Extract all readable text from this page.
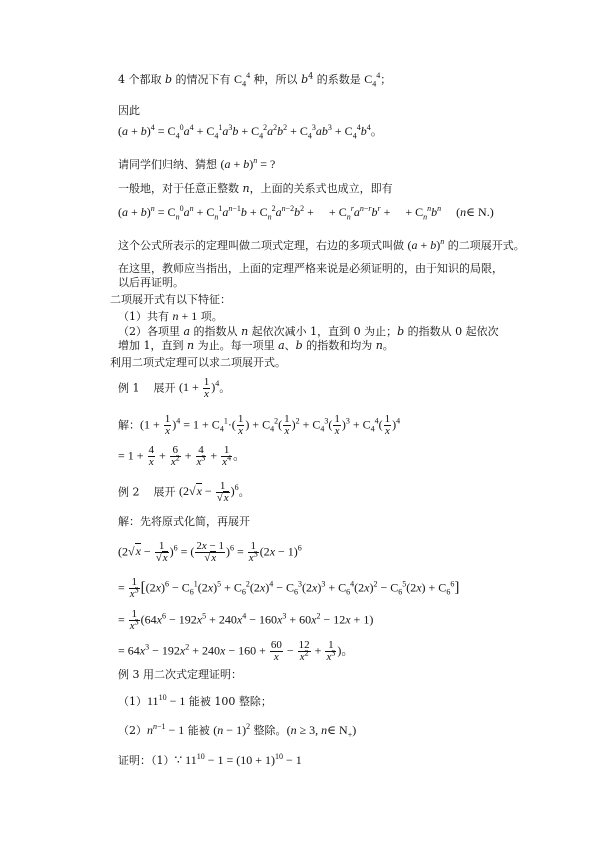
4 个都取 b 的情况下有 $C_4^4$ 种，所以 $b^4$ 的系数是 $C_4^4$；
因此
$(a + b)^4 = C_4^0a^4 + C_4^1a^3b + C_4^2a^2b^2 + C_4^3ab^3 + C_4^4b^4$。
请同学们归纳、猜想 $(a + b)^n$ = ?
一般地，对于任意正整数 n，上面的关系式也成立，即有
$(a + b)^n = C_n^0a^n + C_n^1a^{n-1}b + C_n^2a^{n-2}b^2$ +     + $C_n^ra^{n-r}b^r$ +     + $C_n^nb^n$     (n∈ N.)
这个公式所表示的定理叫做二项式定理，右边的多项式叫做 $(a + b)^n$ 的二项展开式。
在这里，教师应当指出，上面的定理严格来说是必须证明的，由于知识的局限，以后再证明。
二项展开式有以下特征：
（1）共有 n + 1 项。
（2）各项里 a 的指数从 n 起依次减小 1，直到 0 为止；b 的指数从 0 起依次增加 1，直到 n 为止。每一项里 a、b 的指数和均为 n。
利用二项式定理可以求二项展开式。
例 1    展开 $(1 + \frac{1}{x} )^4$。
解：$(1 + \frac{1}{x} )^4 = 1 + C_4^1\cdot( \frac{1}{x}$ ) + $C_4^2( \frac{1}{x} )^2 + C_4^3( \frac{1}{x} )^3 + C_4^4( \frac{1}{x} )^4$
= $1 + \frac{4}{x} + \frac{6}{x^2} + \frac{4}{x^3} + \frac{1}{x^4}$ 。
例 2    展开 $(2√x - \frac{1}{√x} )^6$。
解：先将原式化简，再展开
$(2√x - \frac{1}{√x} )^6$ = ( $\frac{2x - 1}{√x} )^6 = \frac{1}{x^3} (2x - 1)^6$
= $\frac{1}{x^3} [(2x)^6 - C_6^1(2x)^5 + C_6^2(2x)^4 - C_6^3(2x)^3 + C_6^4(2x)^2 - C_6^5(2x) + C_6^6]$
= $\frac{1}{x^3} (64x^6 - 192x^5 + 240x^4 - 160x^3 + 60x^2 - 12x + 1)$
= $64x^3 - 192x^2 + 240x - 160 + \frac{60}{x} - \frac{12}{x^2} + \frac{1}{x^3}$ )。
例 3 用二次式定理证明：
$(1)11^{10} - 1$ 能被 100 整除；
$(2)n^{n-1} - 1$ 能被 $(n - 1)^2$ 整除。(n ≥ 3, n∈ $N_+$)
证明：（1）∵ $11^{10} - 1 = (10 + 1)^{10} - 1$
